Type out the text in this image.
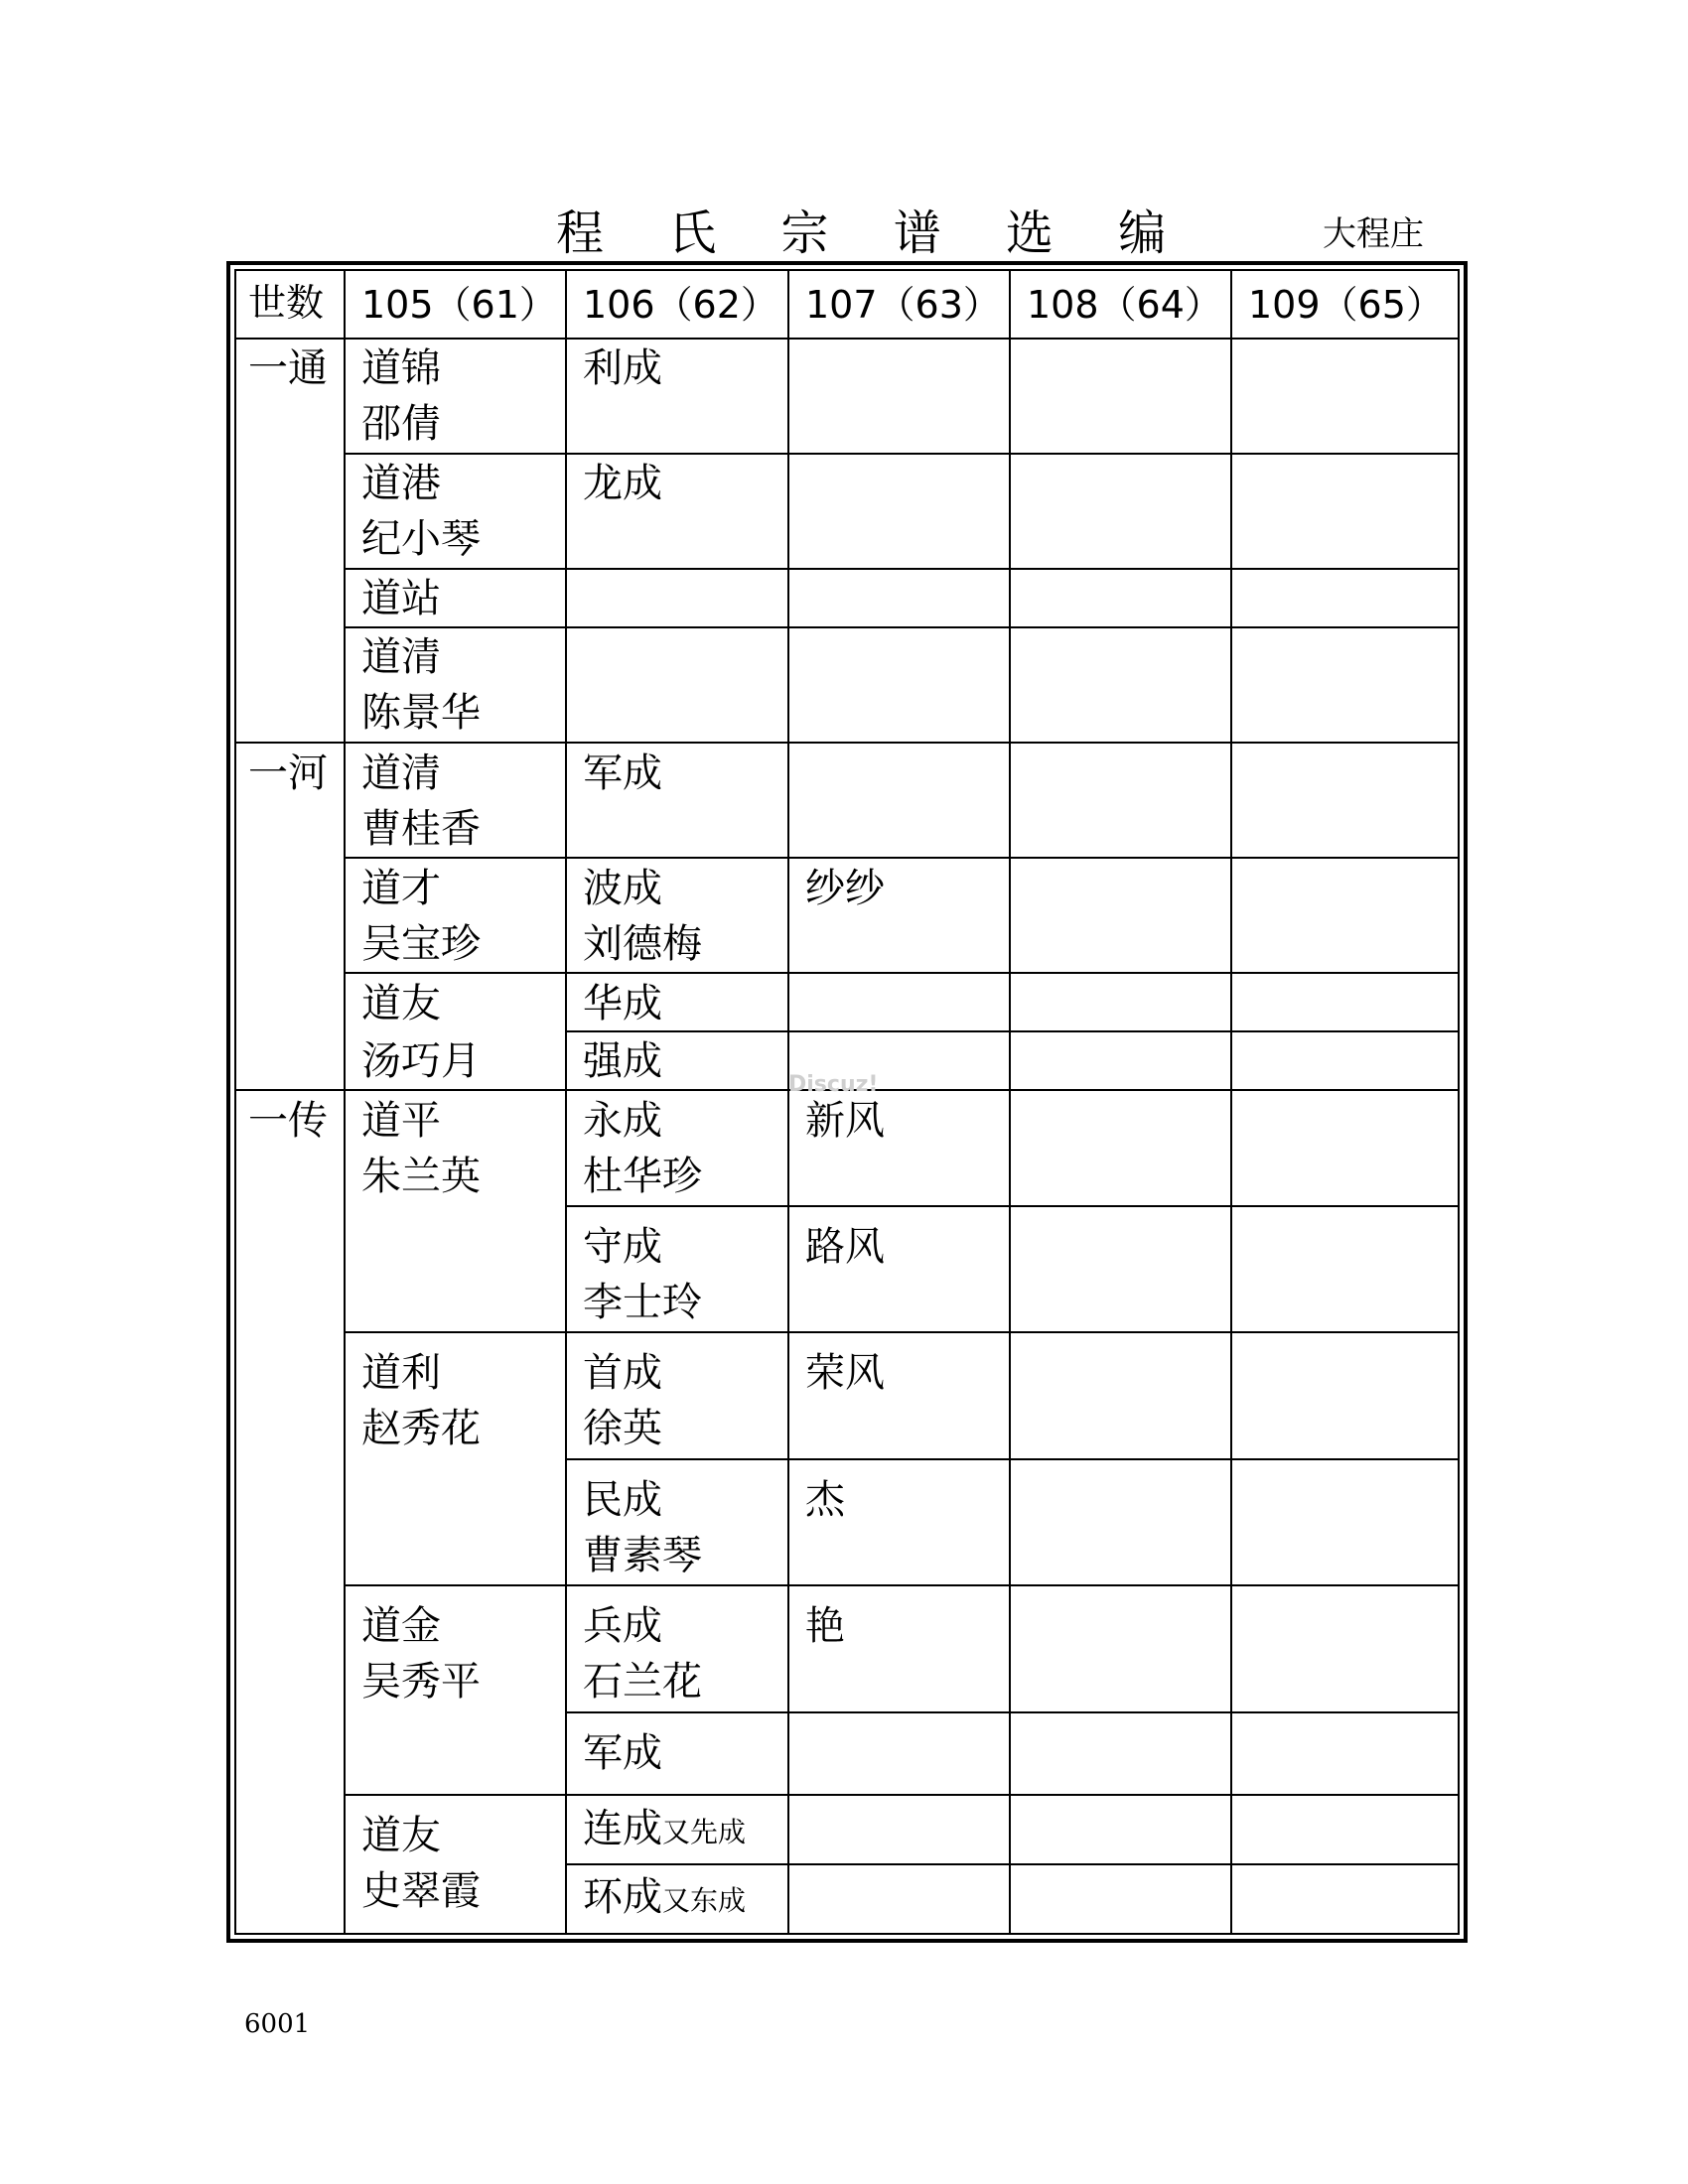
程 氏 宗 谱 选 编	大程庄
世数 105（61） 106（62） 107（63） 108（64） 109（65）
一通
一河
一传
道锦
邵倩
利成
道港
纪小琴
龙成
道站
道清
陈景华
道清
曹桂香
军成
道才
吴宝珍
波成
刘德梅
纱纱
道友
汤巧月
华成
强成
道平
朱兰英
永成
杜华珍
新风
守成
李士玲
路风
道利
赵秀花
首成
徐英
荣风
民成
曹素琴
杰
道金
吴秀平
兵成
石兰花
艳
军成
道友
史翠霞
连成又先成
环成又东成
Discuz!
6001
